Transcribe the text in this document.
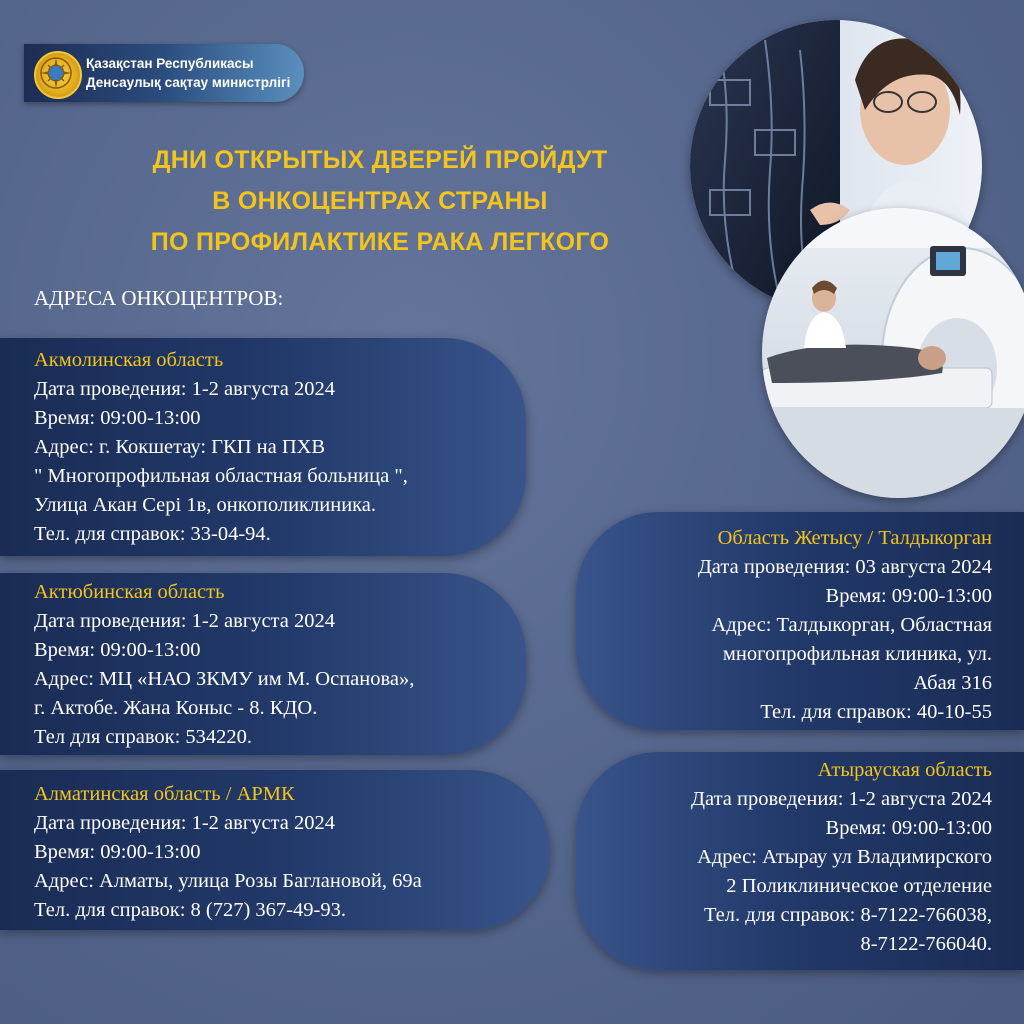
Қазақстан Республикасы
Денсаулық сақтау министрлігі
ДНИ ОТКРЫТЫХ ДВЕРЕЙ ПРОЙДУТ
В ОНКОЦЕНТРАХ СТРАНЫ
ПО ПРОФИЛАКТИКЕ РАКА ЛЕГКОГО
АДРЕСА ОНКОЦЕНТРОВ:
Акмолинская область
Дата проведения: 1-2 августа 2024
Время: 09:00-13:00
Адрес: г. Кокшетау: ГКП на ПХВ
" Многопрофильная областная больница ",
Улица Акан Серi 1в, онкополиклиника.
Тел. для справок: 33-04-94.
Актюбинская область
Дата проведения: 1-2 августа 2024
Время: 09:00-13:00
Адрес: МЦ «НАО ЗКМУ им М. Оспанова»,
г. Актобе. Жана Коныс - 8. КДО.
Тел для справок: 534220.
Алматинская область / АРМК
Дата проведения: 1-2 августа 2024
Время: 09:00-13:00
Адрес: Алматы, улица Розы Баглановой, 69а
Тел. для справок: 8 (727) 367-49-93.
Область Жетысу / Талдыкорган
Дата проведения: 03 августа 2024
Время: 09:00-13:00
Адрес: Талдыкорган, Областная
многопрофильная клиника, ул.
Абая 316
Тел. для справок: 40-10-55
Атырауская область
Дата проведения: 1-2 августа 2024
Время: 09:00-13:00
Адрес: Атырау ул Владимирского
2 Поликлиническое отделение
Тел. для справок: 8-7122-766038,
8-7122-766040.
